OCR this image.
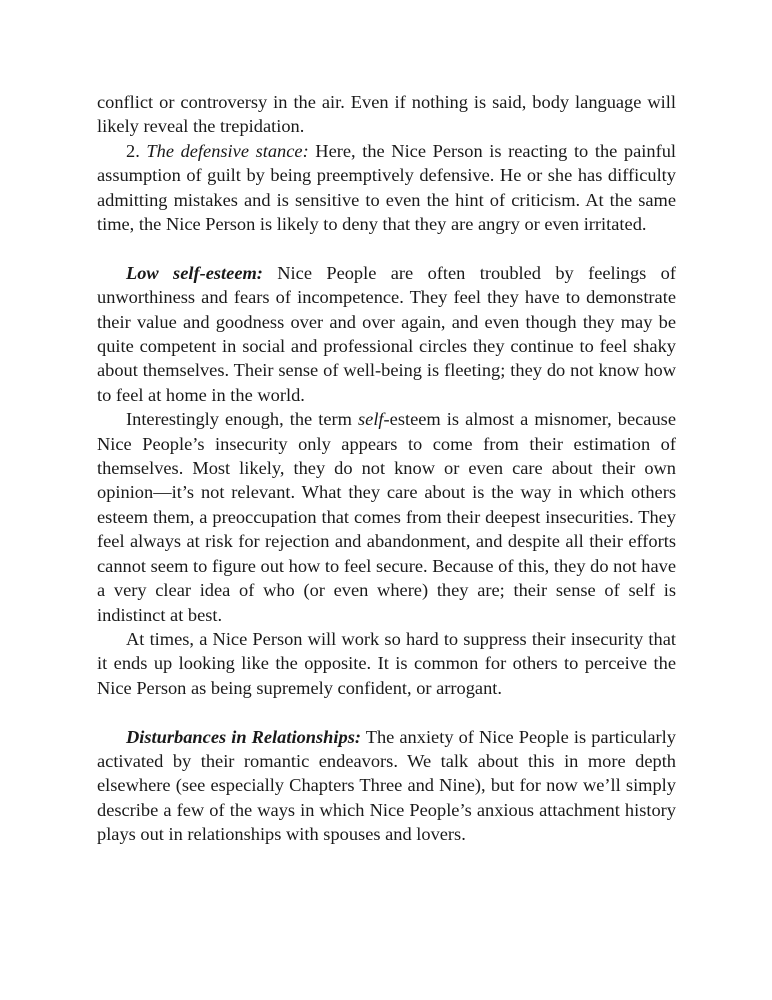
conflict or controversy in the air. Even if nothing is said, body language will likely reveal the trepidation.

2. The defensive stance: Here, the Nice Person is reacting to the painful assumption of guilt by being preemptively defensive. He or she has difficulty admitting mistakes and is sensitive to even the hint of criticism. At the same time, the Nice Person is likely to deny that they are angry or even irritated.

Low self-esteem: Nice People are often troubled by feelings of unworthiness and fears of incompetence. They feel they have to demonstrate their value and goodness over and over again, and even though they may be quite competent in social and professional circles they continue to feel shaky about themselves. Their sense of well-being is fleeting; they do not know how to feel at home in the world.

Interestingly enough, the term self-esteem is almost a misnomer, because Nice People’s insecurity only appears to come from their estimation of themselves. Most likely, they do not know or even care about their own opinion—it’s not relevant. What they care about is the way in which others esteem them, a preoccupation that comes from their deepest insecurities. They feel always at risk for rejection and abandonment, and despite all their efforts cannot seem to figure out how to feel secure. Because of this, they do not have a very clear idea of who (or even where) they are; their sense of self is indistinct at best.

At times, a Nice Person will work so hard to suppress their insecurity that it ends up looking like the opposite. It is common for others to perceive the Nice Person as being supremely confident, or arrogant.

Disturbances in Relationships: The anxiety of Nice People is particularly activated by their romantic endeavors. We talk about this in more depth elsewhere (see especially Chapters Three and Nine), but for now we’ll simply describe a few of the ways in which Nice People’s anxious attachment history plays out in relationships with spouses and lovers.
